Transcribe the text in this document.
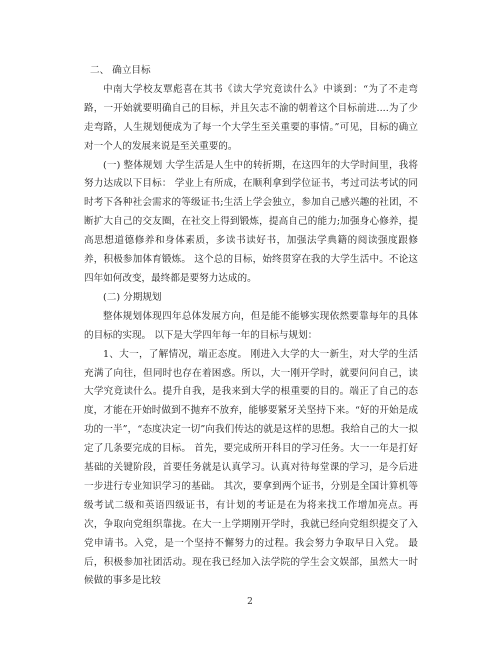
二、 确立目标

中南大学校友覃彪喜在其书《读大学究竟读什么》中谈到：“为了不走弯路，一开始就要明确自己的目标，并且矢志不渝的朝着这个目标前进....为了少走弯路，人生规划便成为了每一个大学生至关重要的事情。”可见，目标的确立对一个人的发展来说是至关重要的。

(一) 整体规划 大学生活是人生中的转折期，在这四年的大学时间里，我将努力达成以下目标： 学业上有所成，在顺利拿到学位证书，考过司法考试的同时考下各种社会需求的等级证书;生活上学会独立，参加自己感兴趣的社团，不断扩大自己的交友圈，在社交上得到锻炼，提高自己的能力;加强身心修养，提高思想道德修养和身体素质，多读书读好书，加强法学典籍的阅读强度跟修养，积极参加体育锻炼。 这个总的目标，始终贯穿在我的大学生活中。不论这四年如何改变，最终都是要努力达成的。

(二) 分期规划

整体规划体现四年总体发展方向，但是能不能够实现依然要靠每年的具体的目标的实现。 以下是大学四年每一年的目标与规划：

1、大一，了解情况，端正态度。 刚进入大学的大一新生，对大学的生活充满了向往，但同时也存在着困惑。所以，大一刚开学时，就要问问自己，读大学究竟读什么。提升自我，是我来到大学的根重要的目的。端正了自己的态度，才能在开始时做到不抛弃不放弃，能够要紧牙关坚持下来。“好的开始是成功的一半”，“态度决定一切”向我们传达的就是这样的思想。我给自己的大一拟定了几条要完成的目标。 首先，要完成所开科目的学习任务。大一一年是打好基础的关键阶段，首要任务就是认真学习。认真对待每堂课的学习，是今后进一步进行专业知识学习的基础。 其次，要拿到两个证书，分别是全国计算机等级考试二级和英语四级证书，有计划的考证是在为将来找工作增加亮点。再次，争取向党组织靠拢。在大一上学期刚开学时，我就已经向党组织提交了入党申请书。入党，是一个坚持不懈努力的过程。我会努力争取早日入党。 最后，积极参加社团活动。现在我已经加入法学院的学生会文娱部，虽然大一时候做的事多是比较

2
